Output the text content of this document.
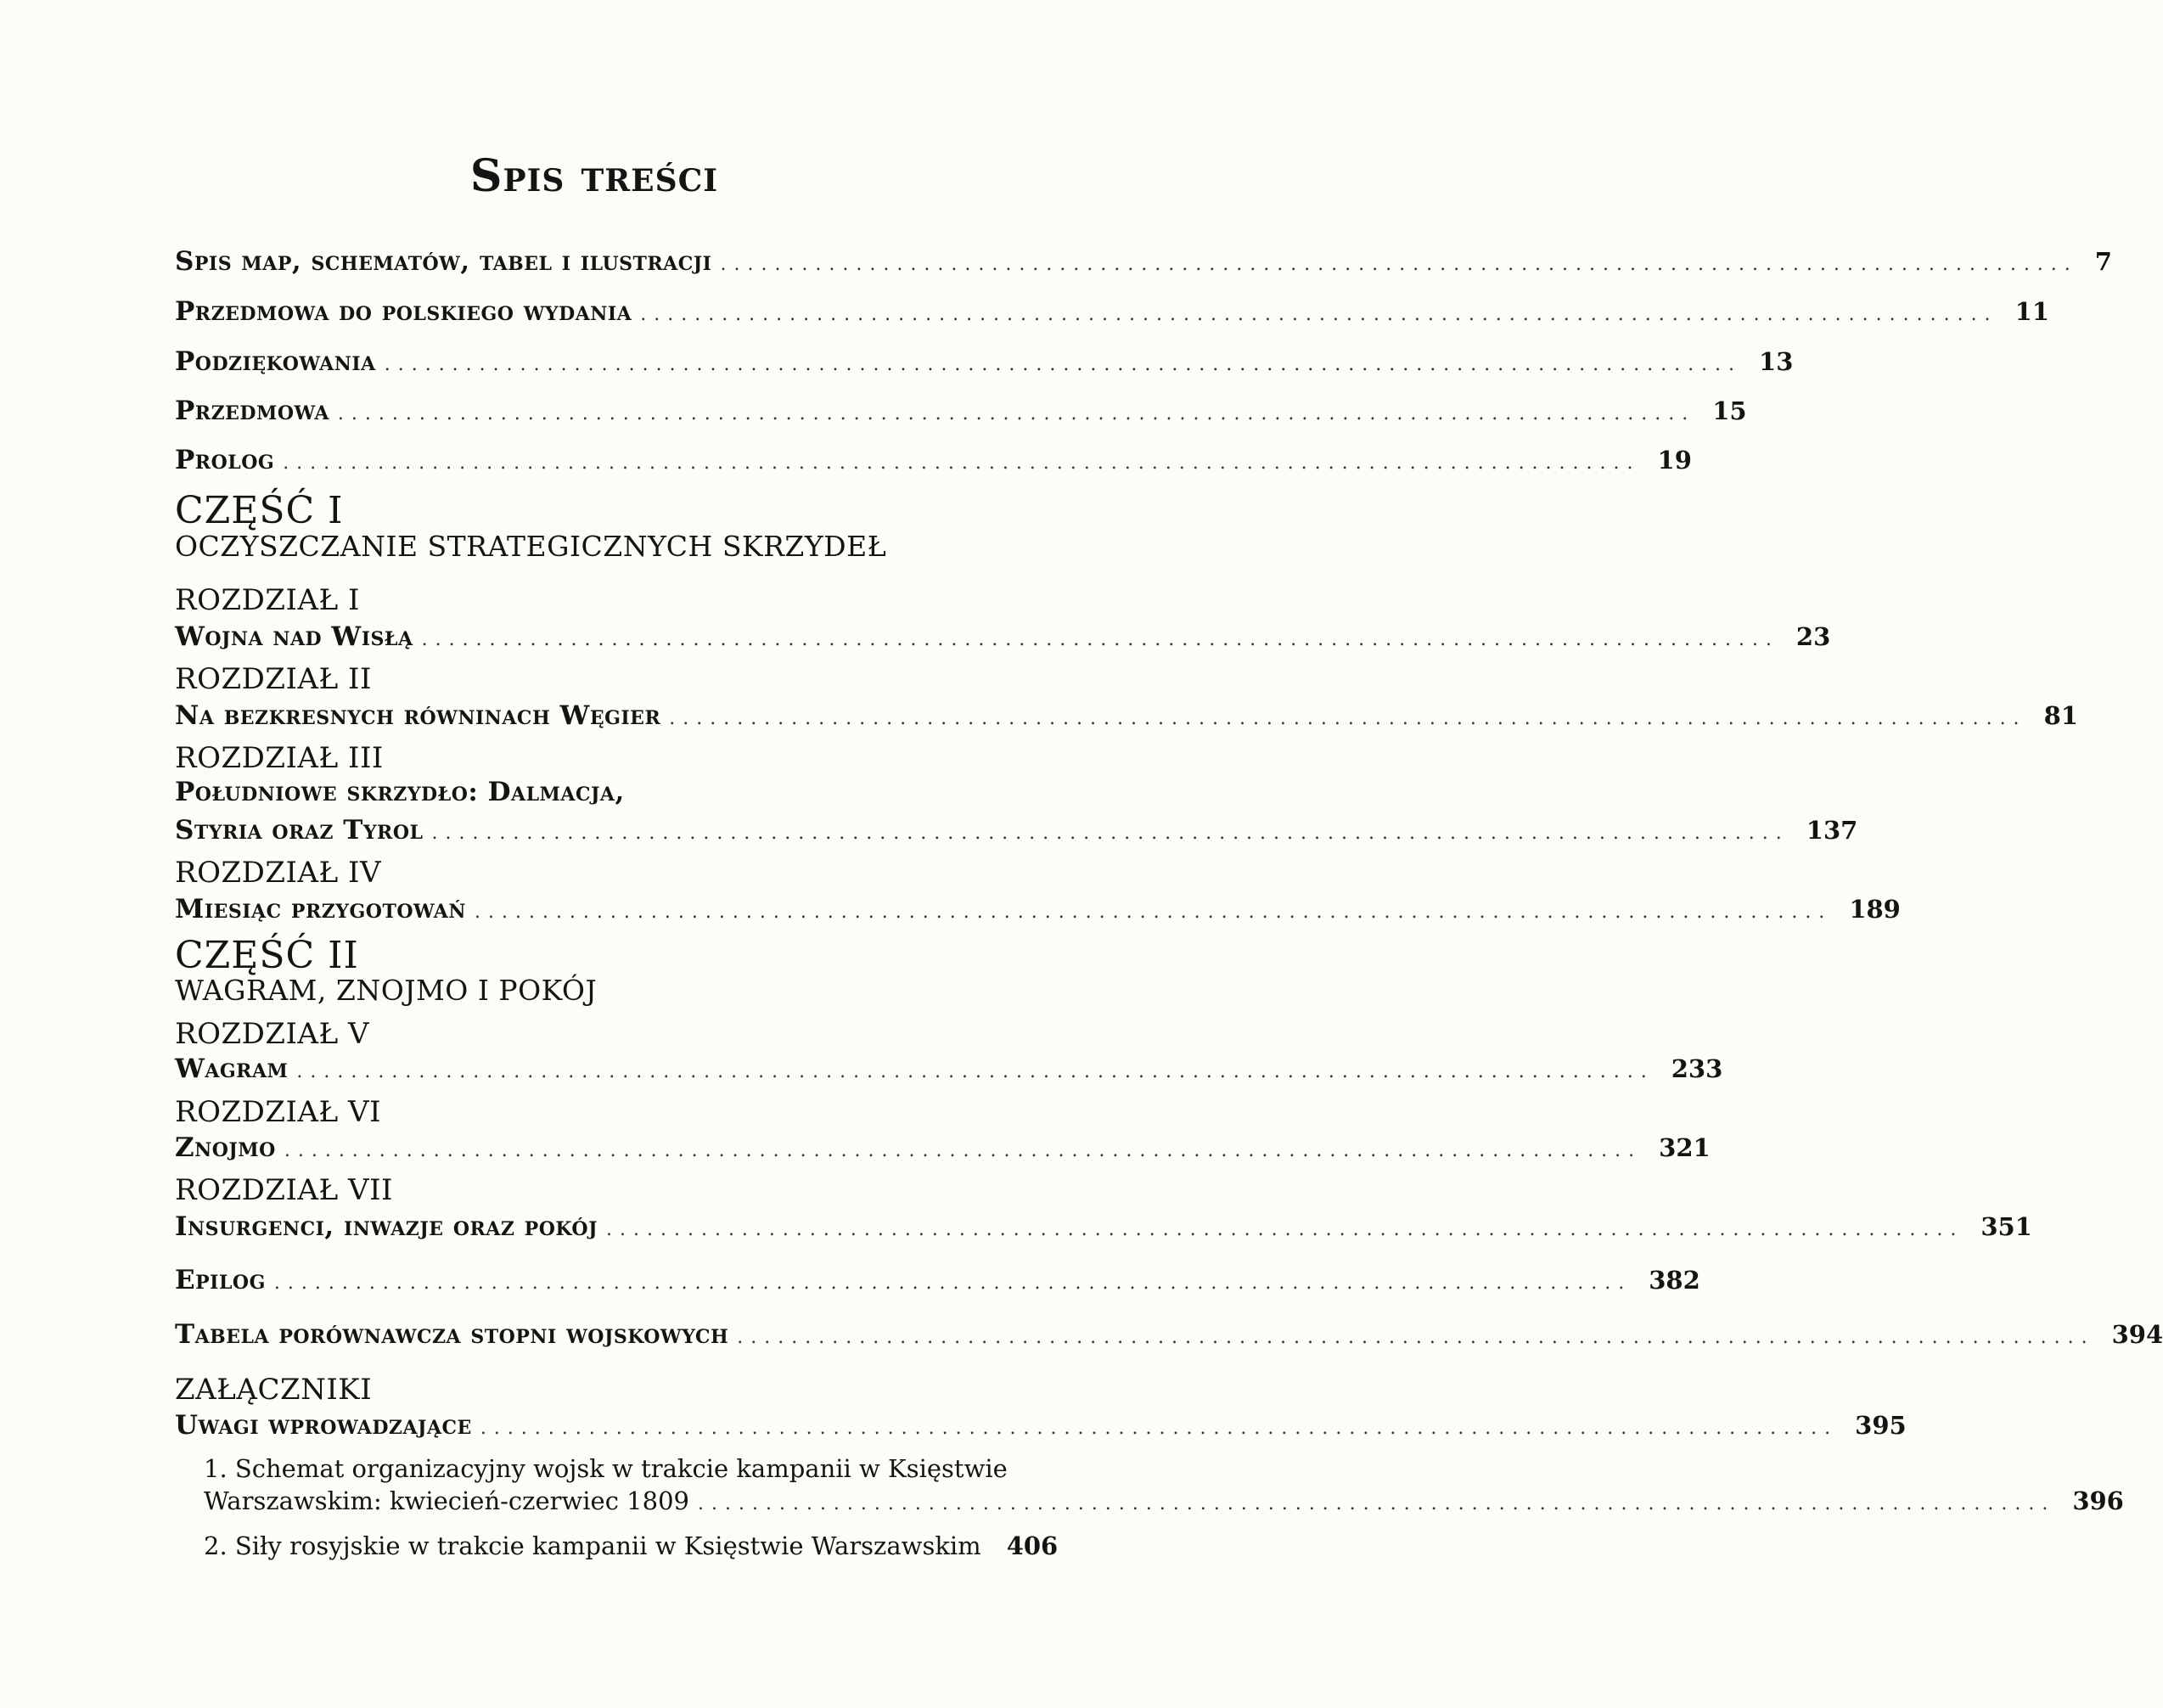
Spis treści
Spis map, schematów, tabel i ilustracji .................................................................................................... 7
Przedmowa do polskiego wydania .................................................................................................... 11
Podziękowania .................................................................................................... 13
Przedmowa .................................................................................................... 15
Prolog .................................................................................................... 19
CZĘŚĆ I
OCZYSZCZANIE STRATEGICZNYCH SKRZYDEŁ
ROZDZIAŁ I
Wojna nad Wisłą .................................................................................................... 23
ROZDZIAŁ II
Na bezkresnych równinach Węgier .................................................................................................... 81
ROZDZIAŁ III
Południowe skrzydło: Dalmacja,
Styria oraz Tyrol .................................................................................................... 137
ROZDZIAŁ IV
Miesiąc przygotowań .................................................................................................... 189
CZĘŚĆ II
WAGRAM, ZNOJMO I POKÓJ
ROZDZIAŁ V
Wagram .................................................................................................... 233
ROZDZIAŁ VI
Znojmo .................................................................................................... 321
ROZDZIAŁ VII
Insurgenci, inwazje oraz pokój .................................................................................................... 351
Epilog .................................................................................................... 382
Tabela porównawcza stopni wojskowych .................................................................................................... 394
ZAŁĄCZNIKI
Uwagi wprowadzające .................................................................................................... 395
1. Schemat organizacyjny wojsk w trakcie kampanii w Księstwie
Warszawskim: kwiecień-czerwiec 1809 .................................................................................................... 396
2. Siły rosyjskie w trakcie kampanii w Księstwie Warszawskim 406
